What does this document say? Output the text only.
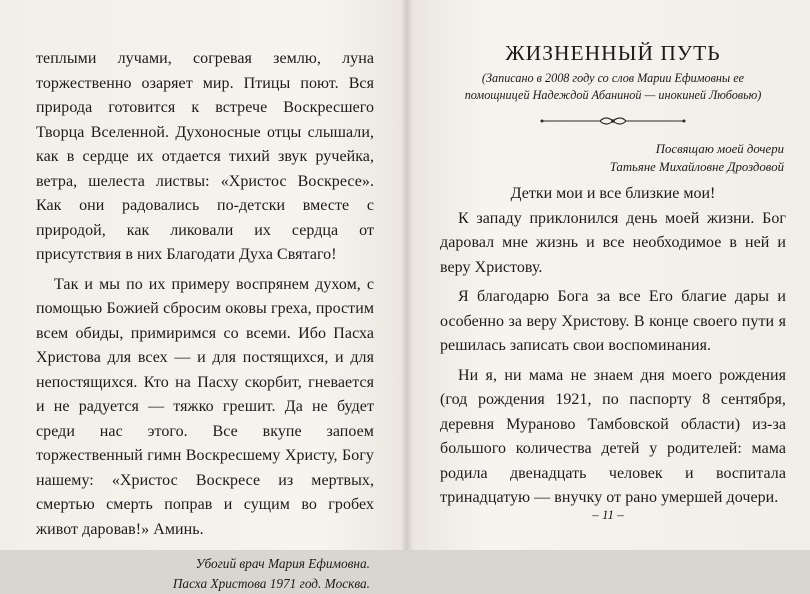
теплыми лучами, согревая землю, луна торжественно озаряет мир. Птицы поют. Вся природа готовится к встрече Воскресшего Творца Вселенной. Духоносные отцы слышали, как в сердце их отдается тихий звук ручейка, ветра, шелеста листвы: «Христос Воскресе». Как они радовались по-детски вместе с природой, как ликовали их сердца от присутствия в них Благодати Духа Святаго!

Так и мы по их примеру воспрянем духом, с помощью Божией сбросим оковы греха, простим всем обиды, примиримся со всеми. Ибо Пасха Христова для всех — и для постящихся, и для непостящихся. Кто на Пасху скорбит, гневается и не радуется — тяжко грешит. Да не будет среди нас этого. Все вкупе запоем торжественный гимн Воскресшему Христу, Богу нашему: «Христос Воскресе из мертвых, смертью смерть поправ и сущим во гробех живот даровав!» Аминь.

Убогий врач Мария Ефимовна.
Пасха Христова 1971 год. Москва.
ЖИЗНЕННЫЙ ПУТЬ
(Записано в 2008 году со слов Марии Ефимовны ее
помощницей Надеждой Абаниной — инокиней Любовью)
Посвящаю моей дочери
Татьяне Михайловне Дроздовой

Детки мои и все близкие мои!

К западу приклонился день моей жизни. Бог даровал мне жизнь и все необходимое в ней и веру Христову.

Я благодарю Бога за все Его благие дары и особенно за веру Христову. В конце своего пути я решилась записать свои воспоминания.

Ни я, ни мама не знаем дня моего рождения (год рождения 1921, по паспорту 8 сентября, деревня Мураново Тамбовской области) из-за большого количества детей у родителей: мама родила двенадцать человек и воспитала тринадцатую — внучку от рано умершей дочери.

– 11 –
